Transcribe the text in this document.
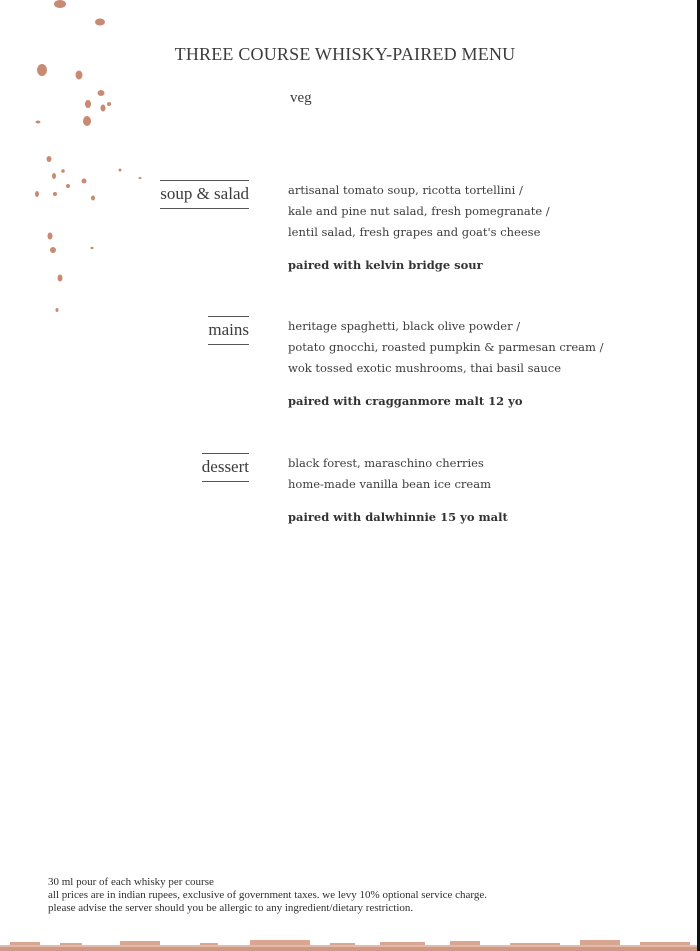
THREE COURSE WHISKY-PAIRED MENU
veg
soup & salad	artisanal tomato soup, ricotta tortellini /
kale and pine nut salad, fresh pomegranate /
lentil salad, fresh grapes and goat's cheese
paired with kelvin bridge sour
mains	heritage spaghetti, black olive powder /
potato gnocchi, roasted pumpkin & parmesan cream /
wok tossed exotic mushrooms, thai basil sauce
paired with cragganmore malt 12 yo
dessert	black forest, maraschino cherries
home-made vanilla bean ice cream
paired with dalwhinnie 15 yo malt
30 ml pour of each whisky per course
all prices are in indian rupees, exclusive of government taxes. we levy 10% optional service charge.
please advise the server should you be allergic to any ingredient/dietary restriction.
